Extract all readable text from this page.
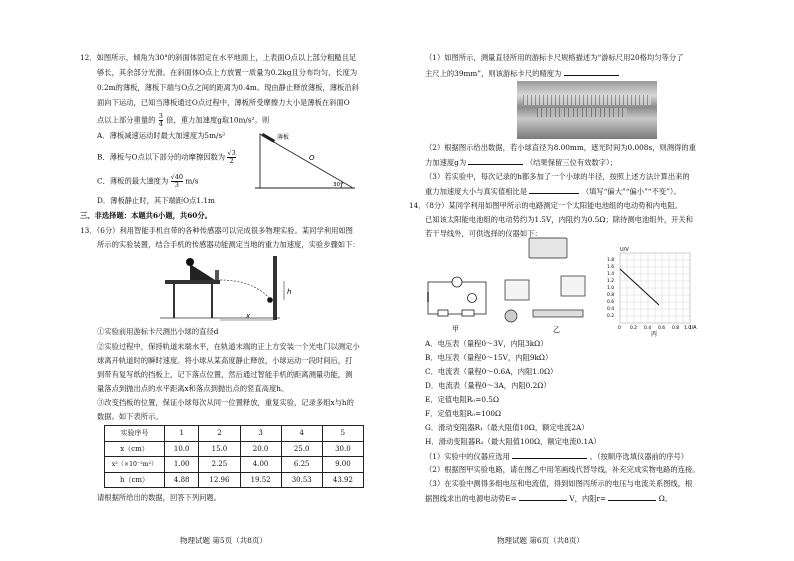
12．如图所示，倾角为30°的斜面体固定在水平地面上，上表面O点以上部分粗糙且足
够长，其余部分光滑。在斜面体O点上方放置一质量为0.2kg且分布均匀、长度为
0.2m的薄板，薄板下端与O点之间的距离为0.4m。现由静止释放薄板，薄板沿斜
面向下运动，已知当薄板通过O点过程中，薄板所受摩擦力大小是薄板在斜面O
点以上部分重量的 $\frac{3}{4}$ 倍，重力加速度g取10m/s²。则
薄板
O
30°
A．薄板减速运动时最大加速度为5m/s²
B．薄板与O点以下部分的动摩擦因数为 $\frac{√3}{2}$
C．薄板的最大速度为 $\frac{√40}{3} m/s$
D．薄板静止时，其下端距O点1.1m
三、非选择题：本题共6小题，共60分。
13．（6分）利用智能手机自带的各种传感器可以完成很多物理实验。某同学利用如图
所示的实验装置，结合手机的传感器功能测定当地的重力加速度，实验步骤如下：
h
x
①实验前用游标卡尺测出小球的直径d
②实验过程中，保持轨道末端水平，在轨道末端的正上方安装一个光电门以测定小
球离开轨道时的瞬时速度。将小球从某高度静止释放，小球运动一段时间后，打
到带有复写纸的挡板上，记下落点位置，然后通过智能手机的距离测量功能，测
量落点到抛出点的水平距离x和落点到抛出点的竖直高度h。
③改变挡板的位置，保证小球每次从同一位置释放，重复实验，记录多组x与h的
数据。如下表所示。
实验序号	1	2	3	4	5
x（cm）	10.0	15.0	20.0	25.0	30.0
x²（×10⁻²m²）	1.00	2.25	4.00	6.25	9.00
h（cm）	4.88	12.96	19.52	30.53	43.92
请根据所给出的数据，回答下列问题。
物理试题 第5页（共8页）
（1）如图所示，测量直径所用的游标卡尺规格描述为“游标尺用20格均匀等分了
主尺上的39mm”，则该游标卡尺的精度为
（2）根据图示给出数据，若小球直径为8.00mm，遮光时间为0.008s，则测得的重
力加速度g为	（结果保留三位有效数字）；
（3）若实验中，每次记录的h都多加了一个小球的半径，按照上述方法计算出来的
重力加速度大小与真实值相比是	（填写“偏大”“偏小”“不变”）。
14．（8分）某同学利用如图甲所示的电路测定一个太阳能电池组的电动势和内电阻。
已知该太阳能电池组的电动势约为1.5V，内阻约为0.5Ω；除待测电池组外，开关和
若干导线外，可供选择的仪器如下：
甲	乙
U/V
I/A
1.8
1.6
1.4
1.2
1.0
0.8
0.6
0.4
0.2
0 0.2 0.4 0.6 0.8 1.0
丙
A．电压表（量程0～3V，内阻3kΩ）
B．电压表（量程0～15V，内阻9kΩ）
C．电流表（量程0～0.6A，内阻1.0Ω）
D．电流表（量程0～3A，内阻0.2Ω）
E．定值电阻R₀=0.5Ω
F．定值电阻R₀=100Ω
G．滑动变阻器R₁（最大阻值10Ω，额定电流2A）
H．滑动变阻器R₂（最大阻值100Ω，额定电流0.1A）
（1）实验中的仪器应选用	。（按顺序选填仪器前的序号）
（2）根据图甲实验电路，请在图乙中用笔画线代替导线，补充完成实物电路的连接。
（3）在实验中测得多组电压和电流值，得到如图丙所示的电压与电流关系图线，根
据图线求出的电源电动势E=	V，内阻r=	Ω。
物理试题 第6页（共8页）
